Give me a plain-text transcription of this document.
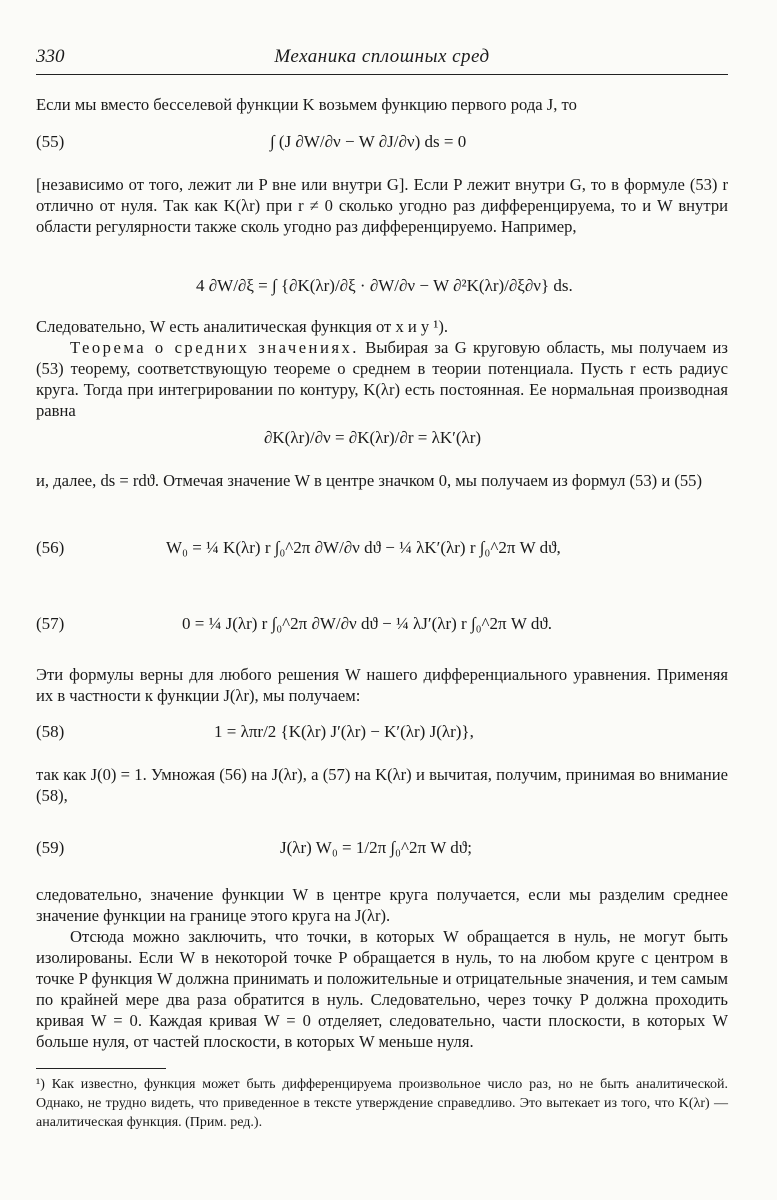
330	Механика сплошных сред
Если мы вместо бесселевой функции K возьмем функцию первого рода J, то
(55)	∫ (J ∂W/∂ν − W ∂J/∂ν) ds = 0
[независимо от того, лежит ли P вне или внутри G]. Если P лежит внутри G, то в формуле (53) r отлично от нуля. Так как K(λr) при r ≠ 0 сколько угодно раз дифференцируема, то и W внутри области регулярности также сколь угодно раз дифференцируемо. Например,
4 ∂W/∂ξ = ∫ {∂K(λr)/∂ξ · ∂W/∂ν − W ∂²K(λr)/∂ξ∂ν} ds.
Следовательно, W есть аналитическая функция от x и y ¹).
Теорема о средних значениях. Выбирая за G круговую область, мы получаем из (53) теорему, соответствующую теореме о среднем в теории потенциала. Пусть r есть радиус круга. Тогда при интегрировании по контуру, K(λr) есть постоянная. Ее нормальная производная равна
∂K(λr)/∂ν = ∂K(λr)/∂r = λK′(λr)
и, далее, ds = rdϑ. Отмечая значение W в центре значком 0, мы получаем из формул (53) и (55)
(56)	W₀ = ¼ K(λr) r ∫₀^2π ∂W/∂ν dϑ − ¼ λK′(λr) r ∫₀^2π W dϑ,
(57)	0 = ¼ J(λr) r ∫₀^2π ∂W/∂ν dϑ − ¼ λJ′(λr) r ∫₀^2π W dϑ.
Эти формулы верны для любого решения W нашего дифференциального уравнения. Применяя их в частности к функции J(λr), мы получаем:
(58)	1 = λπr/2 {K(λr) J′(λr) − K′(λr) J(λr)},
так как J(0) = 1. Умножая (56) на J(λr), а (57) на K(λr) и вычитая, получим, принимая во внимание (58),
(59)	J(λr) W₀ = 1/2π ∫₀^2π W dϑ;
следовательно, значение функции W в центре круга получается, если мы разделим среднее значение функции на границе этого круга на J(λr).
Отсюда можно заключить, что точки, в которых W обращается в нуль, не могут быть изолированы. Если W в некоторой точке P обращается в нуль, то на любом круге с центром в точке P функция W должна принимать и положительные и отрицательные значения, и тем самым по крайней мере два раза обратится в нуль. Следовательно, через точку P должна проходить кривая W = 0. Каждая кривая W = 0 отделяет, следовательно, части плоскости, в которых W больше нуля, от частей плоскости, в которых W меньше нуля.
¹) Как известно, функция может быть дифференцируема произвольное число раз, но не быть аналитической. Однако, не трудно видеть, что приведенное в тексте утверждение справедливо. Это вытекает из того, что K(λr) — аналитическая функция. (Прим. ред.).
